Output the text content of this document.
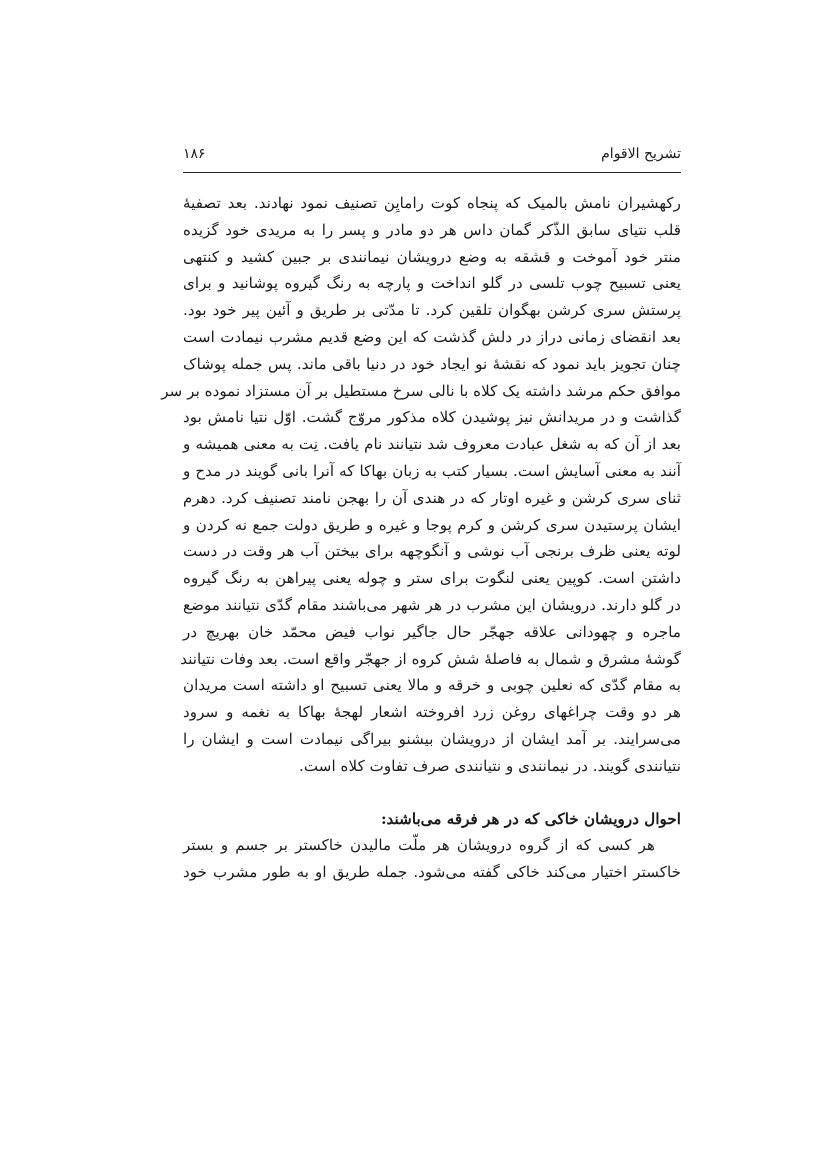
تشریح الاقوام
۱۸۶

رکهشیران نامش بالمیک که پنجاه کوت رامایِن تصنیف نمود نهادند. بعد تصفیهٔ
قلب نتیای سابق الذّکر گمان داس هر دو مادر و پسر را به مریدی خود گزیده
منتر خود آموخت و قشقه به وضع درویشان نیمانندی بر جبین کشید و کنتهی
یعنی تسبیح چوب تلسی در گلو انداخت و پارچه به رنگ گیروه پوشانید و برای
پرستش سری کرشن بهگوان تلقین کرد. تا مدّتی بر طریق و آئین پیر خود بود.
بعد انقضای زمانی دراز در دلش گذشت که این وضع قدیم مشرب نیمادت است
چنان تجویز باید نمود که نقشهٔ نو ایجاد خود در دنیا باقی ماند. پس جمله پوشاک
موافق حکم مرشد داشته یک کلاه با نالی سرخ مستطیل بر آن مستزاد نموده بر سر
گذاشت و در مریدانش نیز پوشیدن کلاه مذکور مروّج گشت. اوّل نتیا نامش بود
بعد از آن که به شغل عبادت معروف شد نتیانند نام یافت. نِت به معنی همیشه و
آنند به معنی آسایش است. بسیار کتب به زبان بهاکا که آنرا بانی گویند در مدح و
ثنای سری کرشن و غیره اوتار که در هندی آن را بهجن نامند تصنیف کرد. دهرم
ایشان پرستیدن سری کرشن و کرم پوجا و غیره و طریق دولت جمع نه کردن و
لوته یعنی ظرف برنجی آب نوشی و آنگوچهه برای بیختن آب هر وقت در دست
داشتن است. کوپین یعنی لنگوت برای ستر و چوله یعنی پیراهن به رنگ گیروه
در گلو دارند. درویشان این مشرب در هر شهر می‌باشند مقام گدّی نتیانند موضع
ماجره و چهودانی علاقه جهجّر حال جاگیر نواب فیض محمّد خان بهریچ در
گوشهٔ مشرق و شمال به فاصلهٔ شش کروه از جهجّر واقع است. بعد وفات نتیانند
به مقام گدّی که نعلین چوبی و خرقه و مالا یعنی تسبیح او داشته است مریدان
هر دو وقت چراغهای روغن زرد افروخته اشعار لهجهٔ بهاکا به نغمه و سرود
می‌سرایند. بر آمد ایشان از درویشان بیشنو بیراگی نیمادت است و ایشان را
نتیانندی گویند. در نیمانندی و نتیانندی صرف تفاوت کلاه است.

احوال درویشان خاکی که در هر فرقه می‌باشند:

هر کسی که از گروه درویشان هر ملّت مالیدن خاکستر بر جسم و بستر
خاکستر اختیار می‌کند خاکی گفته می‌شود. جمله طریق او به طور مشرب خود
